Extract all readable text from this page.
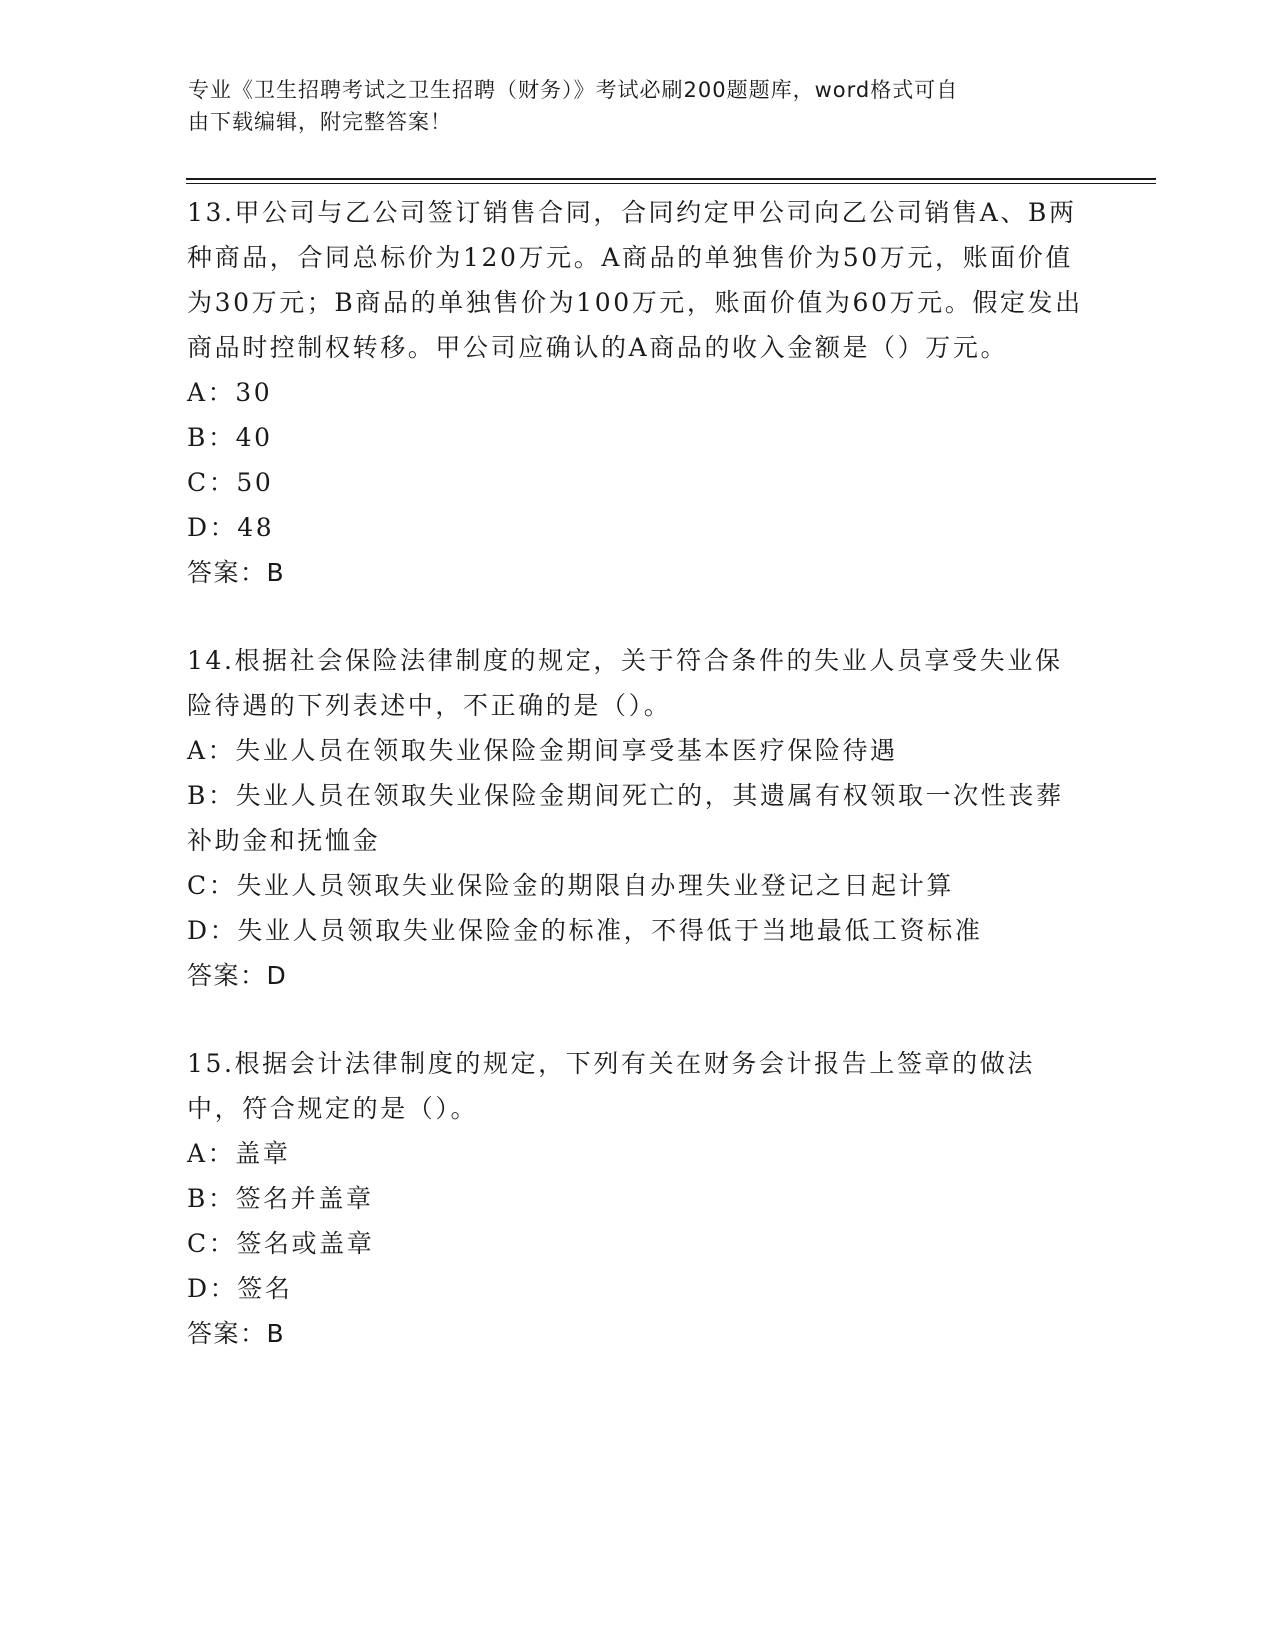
专业《卫生招聘考试之卫生招聘（财务）》考试必刷200题题库，word格式可自
由下载编辑，附完整答案！

13.甲公司与乙公司签订销售合同，合同约定甲公司向乙公司销售A、B两种商品，合同总标价为120万元。A商品的单独售价为50万元，账面价值为30万元；B商品的单独售价为100万元，账面价值为60万元。假定发出商品时控制权转移。甲公司应确认的A商品的收入金额是（）万元。

A：30

B：40

C：50

D：48

答案：B

14.根据社会保险法律制度的规定，关于符合条件的失业人员享受失业保险待遇的下列表述中，不正确的是（）。

A：失业人员在领取失业保险金期间享受基本医疗保险待遇

B：失业人员在领取失业保险金期间死亡的，其遗属有权领取一次性丧葬补助金和抚恤金

C：失业人员领取失业保险金的期限自办理失业登记之日起计算

D：失业人员领取失业保险金的标准，不得低于当地最低工资标准

答案：D

15.根据会计法律制度的规定，下列有关在财务会计报告上签章的做法中，符合规定的是（）。

A：盖章

B：签名并盖章

C：签名或盖章

D：签名

答案：B
